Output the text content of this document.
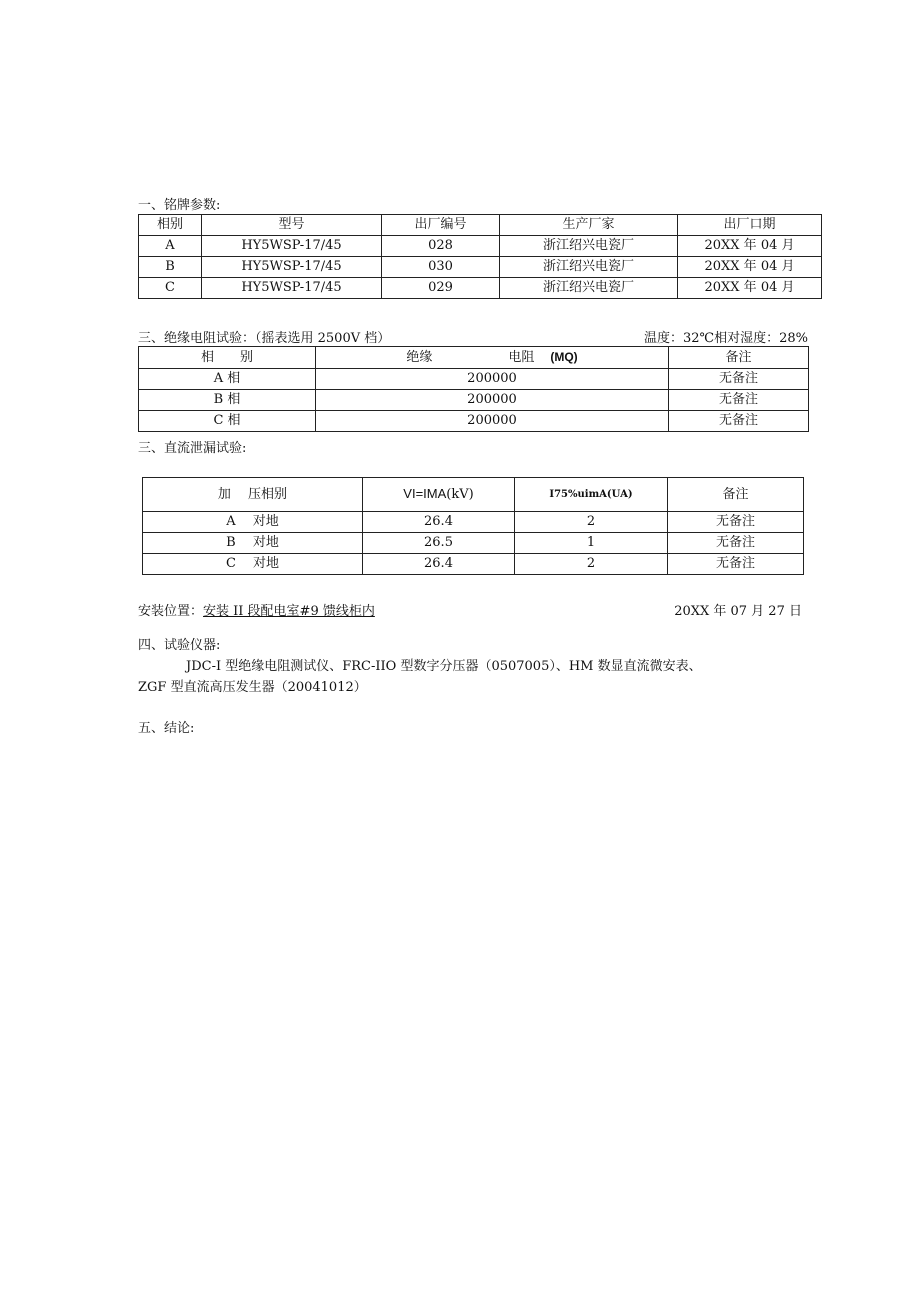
一、铭牌参数:
相别	型号	出厂编号	生产厂家	出厂口期
A	HY5WSP-17/45	028	浙江绍兴电瓷厂	20XX 年 04 月
B	HY5WSP-17/45	030	浙江绍兴电瓷厂	20XX 年 04 月
C	HY5WSP-17/45	029	浙江绍兴电瓷厂	20XX 年 04 月
三、绝缘电阻试验：（摇表选用 2500V 档）	温度：32℃相对湿度：28%
相　　别	绝缘 电阻 (MQ)	备注
A 相	200000	无备注
B 相	200000	无备注
C 相	200000	无备注
三、直流泄漏试验:
加　 压相别	VI=IMA(kV)	I75%uimA(UA)	备注
A　 对地	26.4	2	无备注
B　 对地	26.5	1	无备注
C　 对地	26.4	2	无备注
安装位置：安装 II 段配电室#9 馈线柜内	20XX 年 07 月 27 日
四、试验仪器:
JDC-I 型绝缘电阻测试仪、FRC-IIO 型数字分压器（0507005）、HM 数显直流微安表、
ZGF 型直流高压发生器（20041012）
五、结论:
